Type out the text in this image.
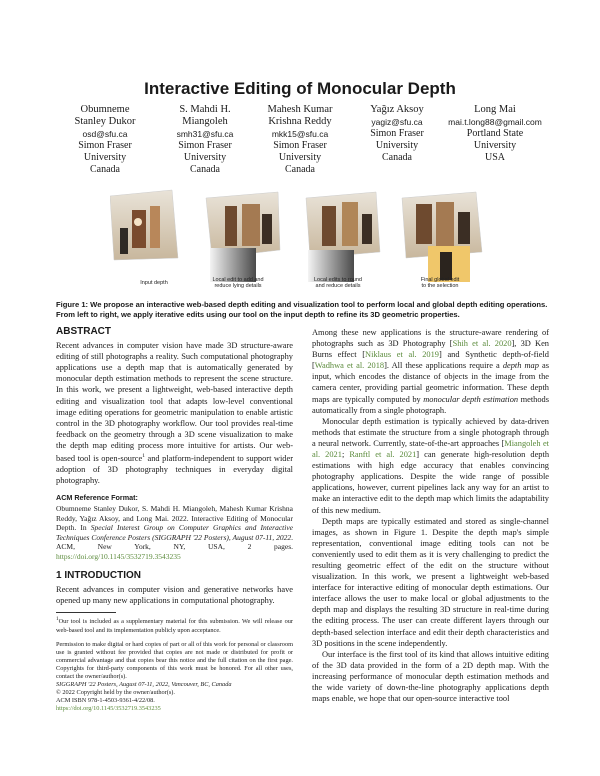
Interactive Editing of Monocular Depth
Obumneme
Stanley Dukor
osd@sfu.ca
Simon Fraser
University
Canada
S. Mahdi H.
Miangoleh
smh31@sfu.ca
Simon Fraser
University
Canada
Mahesh Kumar
Krishna Reddy
mkk15@sfu.ca
Simon Fraser
University
Canada
Yağız Aksoy
yagiz@sfu.ca
Simon Fraser
University
Canada
Long Mai
mai.t.long88@gmail.com
Portland State
University
USA
Input depth	Local edit to add and
reduce lying details
Local edits to round
and reduce details
Final global edit
to the selection
Figure 1: We propose an interactive web-based depth editing and visualization tool to perform local and global depth editing operations. From left to right, we apply iterative edits using our tool on the input depth to refine its 3D geometric properties.
ABSTRACT

Recent advances in computer vision have made 3D structure-aware editing of still photographs a reality. Such computational photography applications use a depth map that is automatically generated by monocular depth estimation methods to represent the scene structure. In this work, we present a lightweight, web-based interactive depth editing and visualization tool that adapts low-level conventional image editing operations for geometric manipulation to enable artistic control in the 3D photography workflow. Our tool provides real-time feedback on the geometry through a 3D scene visualization to make the depth map editing process more intuitive for artists. Our web-based tool is open-source$^1$ and platform-independent to support wider adoption of 3D photography techniques in everyday digital photography.

ACM Reference Format:

Obumneme Stanley Dukor, S. Mahdi H. Miangoleh, Mahesh Kumar Krishna Reddy, Yağız Aksoy, and Long Mai. 2022. Interactive Editing of Monocular Depth. In Special Interest Group on Computer Graphics and Interactive Techniques Conference Posters (SIGGRAPH '22 Posters), August 07-11, 2022. ACM, New York, NY, USA, 2 pages. https://doi.org/10.1145/3532719.3543235

1 INTRODUCTION

Recent advances in computer vision and generative networks have opened up many new applications in computational photography.

$^1$Our tool is included as a supplementary material for this submission. We will release our web-based tool and its implementation publicly upon acceptance.

Permission to make digital or hard copies of part or all of this work for personal or classroom use is granted without fee provided that copies are not made or distributed for profit or commercial advantage and that copies bear this notice and the full citation on the first page. Copyrights for third-party components of this work must be honored. For all other uses, contact the owner/author(s).

SIGGRAPH '22 Posters, August 07-11, 2022, Vancouver, BC, Canada

© 2022 Copyright held by the owner/author(s).

ACM ISBN 978-1-4503-9361-4/22/08.

https://doi.org/10.1145/3532719.3543235

Among these new applications is the structure-aware rendering of photographs such as 3D Photography [Shih et al. 2020], 3D Ken Burns effect [Niklaus et al. 2019] and Synthetic depth-of-field [Wadhwa et al. 2018]. All these applications require a depth map as input, which encodes the distance of objects in the image from the camera center, providing partial geometric information. These depth maps are typically computed by monocular depth estimation methods automatically from a single photograph.

Monocular depth estimation is typically achieved by data-driven methods that estimate the structure from a single photograph through a neural network. Currently, state-of-the-art approaches [Miangoleh et al. 2021; Ranftl et al. 2021] can generate high-resolution depth estimations with high edge accuracy that enables convincing photography applications. Despite the wide range of possible applications, however, current pipelines lack any way for an artist to make an interactive edit to the depth map which limits the adaptability of this new medium.

Depth maps are typically estimated and stored as single-channel images, as shown in Figure 1. Despite the depth map's simple representation, conventional image editing tools can not be conveniently used to edit them as it is very challenging to predict the resulting geometric effect of the edit on the structure without visualization. In this work, we present a lightweight web-based interface for interactive editing of monocular depth estimations. Our interface allows the user to make local or global adjustments to the depth map and displays the resulting 3D structure in real-time during the editing process. The user can create different layers through our depth-based selection interface and edit their depth characteristics and 3D positions in the scene independently.

Our interface is the first tool of its kind that allows intuitive editing of the 3D data provided in the form of a 2D depth map. With the increasing performance of monocular depth estimation methods and the wide variety of down-the-line photography applications depth maps enable, we hope that our open-source interactive tool
